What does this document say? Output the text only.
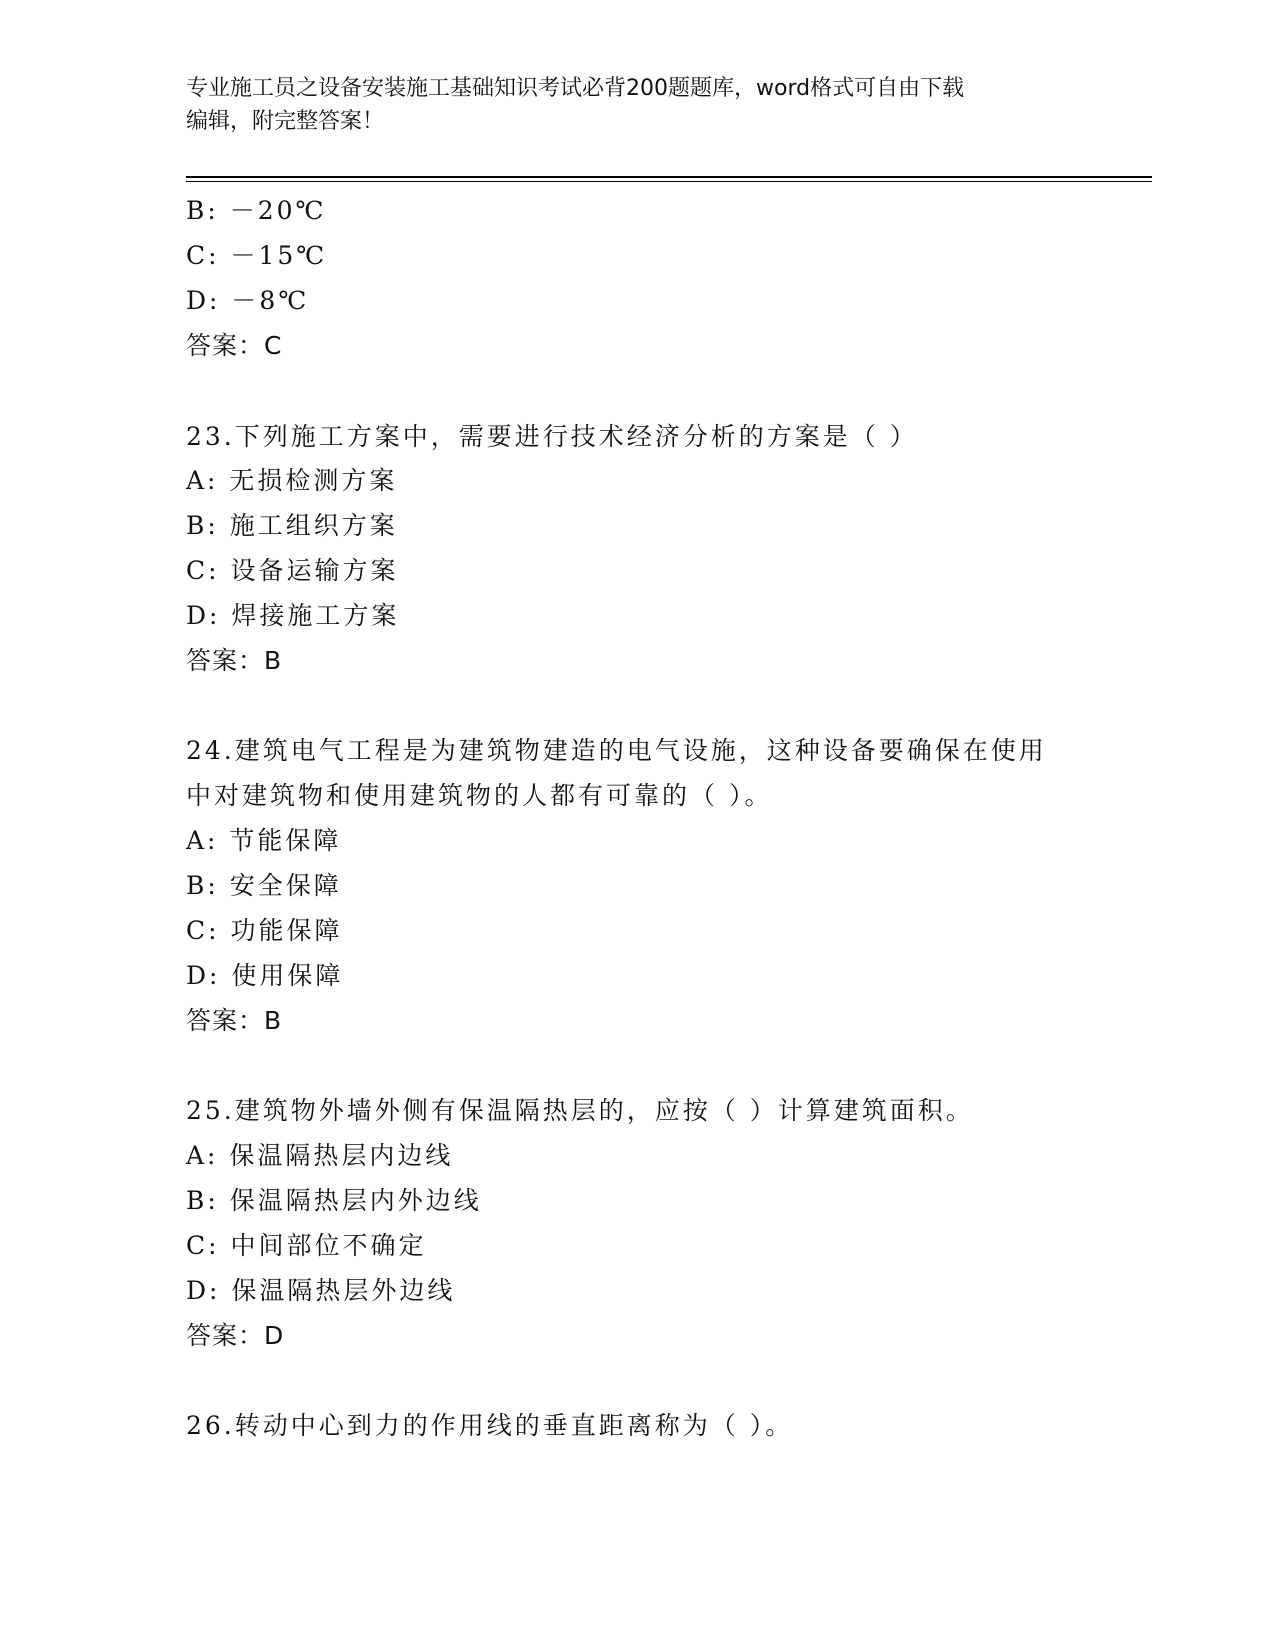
专业施工员之设备安装施工基础知识考试必背200题题库，word格式可自由下载
编辑，附完整答案！
B: －20℃
C: －15℃
D: －8℃
答案：C
23.下列施工方案中，需要进行技术经济分析的方案是（ ）
A: 无损检测方案
B: 施工组织方案
C: 设备运输方案
D: 焊接施工方案
答案：B
24.建筑电气工程是为建筑物建造的电气设施，这种设备要确保在使用
中对建筑物和使用建筑物的人都有可靠的（ ）。
A: 节能保障
B: 安全保障
C: 功能保障
D: 使用保障
答案：B
25.建筑物外墙外侧有保温隔热层的，应按（ ）计算建筑面积。
A: 保温隔热层内边线
B: 保温隔热层内外边线
C: 中间部位不确定
D: 保温隔热层外边线
答案：D
26.转动中心到力的作用线的垂直距离称为（ ）。
